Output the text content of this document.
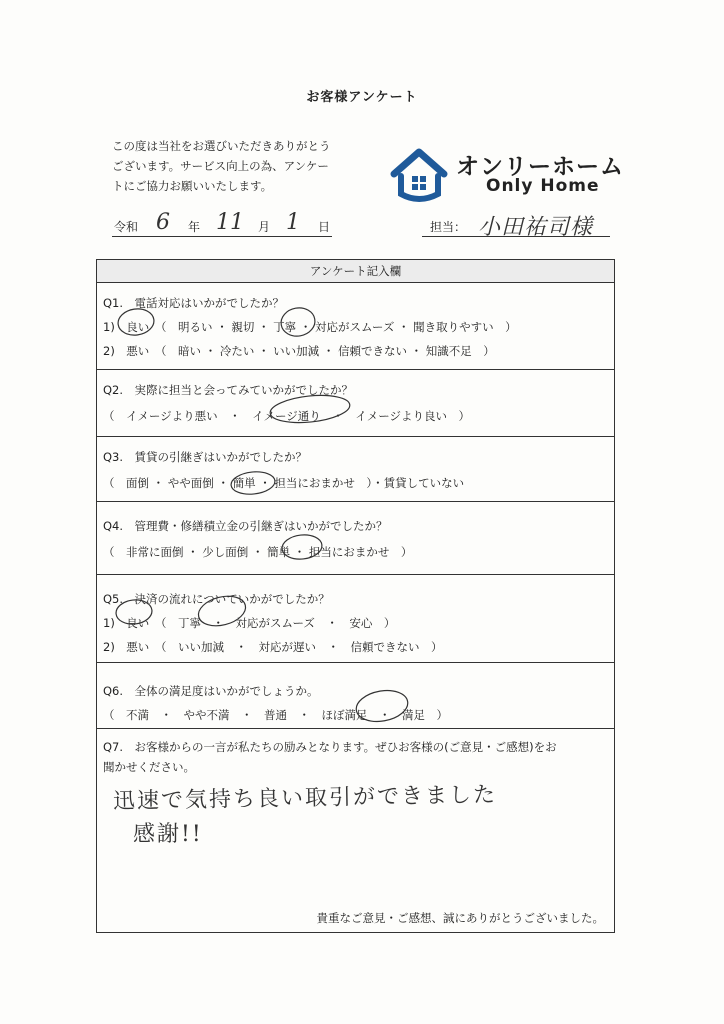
お客様アンケート
この度は当社をお選びいただきありがとう
ございます。サービス向上の為、アンケー
トにご協力お願いいたします。
オンリーホーム
Only Home
令和 6 年 11 月 1 日	担当： 小田祐司様
アンケート記入欄
Q1.　電話対応はいかがでしたか？
1)　良い　（　明るい ・ 親切 ・ 丁寧 ・ 対応がスムーズ ・ 聞き取りやすい　）
2)　悪い　（　暗い ・ 冷たい ・ いい加減 ・ 信頼できない ・ 知識不足　）
Q2.　実際に担当と会ってみていかがでしたか？
（　イメージより悪い　・　イメージ通り　・　イメージより良い　）
Q3.　賃貸の引継ぎはいかがでしたか？
（　面倒 ・ やや面倒 ・ 簡単 ・ 担当におまかせ　）・賃貸していない
Q4.　管理費・修繕積立金の引継ぎはいかがでしたか？
（　非常に面倒 ・ 少し面倒 ・ 簡単 ・ 担当におまかせ　）
Q5.　決済の流れについていかがでしたか？
1)　良い　（　丁寧　・　対応がスムーズ　・　安心　）
2)　悪い　（　いい加減　・　対応が遅い　・　信頼できない　）
Q6.　全体の満足度はいかがでしょうか。
（　不満　・　やや不満　・　普通　・　ほぼ満足　・　満足　）
Q7.　お客様からの一言が私たちの励みとなります。ぜひお客様の(ご意見・ご感想)をお
聞かせください。
迅速で気持ち良い取引ができました
感謝!!
貴重なご意見・ご感想、誠にありがとうございました。
